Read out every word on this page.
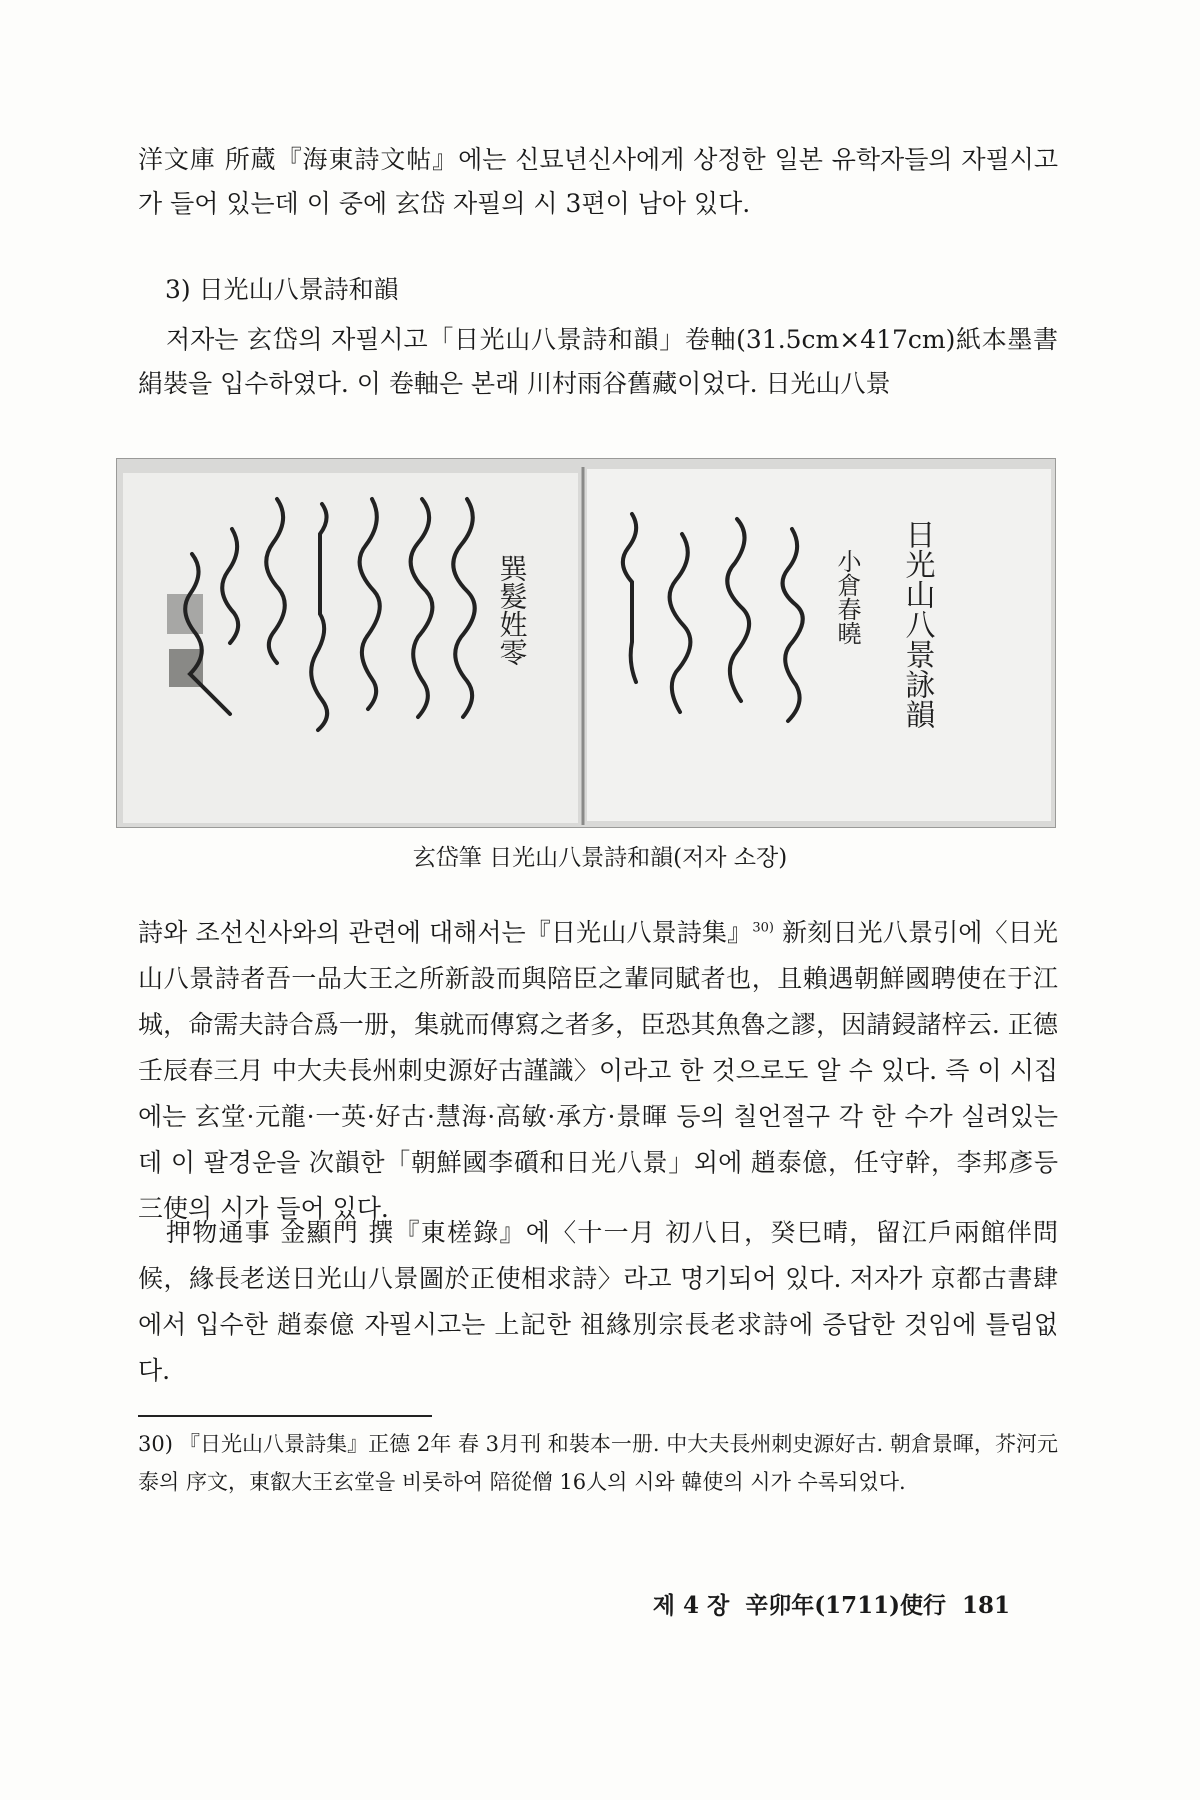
洋文庫 所蔵『海東詩文帖』에는 신묘년신사에게 상정한 일본 유학자들의 자필시고가 들어 있는데 이 중에 玄岱 자필의 시 3편이 남아 있다.

3) 日光山八景詩和韻

저자는 玄岱의 자필시고「日光山八景詩和韻」卷軸(31.5cm×417cm)紙本墨書絹裝을 입수하였다. 이 卷軸은 본래 川村雨谷舊藏이었다. 日光山八景

日光山八景詠韻
小倉春曉
巽髮姓零

玄岱筆 日光山八景詩和韻(저자 소장)

詩와 조선신사와의 관련에 대해서는『日光山八景詩集』$^{30)}$ 新刻日光八景引에〈日光山八景詩者吾一品大王之所新設而與陪臣之輩同賦者也，且賴遇朝鮮國聘使在于江城，命需夫詩合爲一册，集就而傳寫之者多，臣恐其魚魯之謬，因請鋟諸梓云. 正德壬辰春三月 中大夫長州刺史源好古謹識〉이라고 한 것으로도 알 수 있다. 즉 이 시집에는 玄堂·元龍·一英·好古·慧海·高敏·承方·景暉 등의 칠언절구 각 한 수가 실려있는데 이 팔경운을 次韻한「朝鮮國李礩和日光八景」외에 趙泰億，任守幹，李邦彥등 三使의 시가 들어 있다.

押物通事 金顯門 撰『東槎錄』에〈十一月 初八日，癸巳晴，留江戶兩館伴問候，緣長老送日光山八景圖於正使相求詩〉라고 명기되어 있다. 저자가 京都古書肆에서 입수한 趙泰億 자필시고는 上記한 祖緣別宗長老求詩에 증답한 것임에 틀림없다.

30) 『日光山八景詩集』正德 2年 春 3月刊 和裝本一册. 中大夫長州刺史源好古. 朝倉景暉，芥河元泰의 序文，東叡大王玄堂을 비롯하여 陪從僧 16人의 시와 韓使의 시가 수록되었다.

제 4 장 辛卯年(1711)使行 181
